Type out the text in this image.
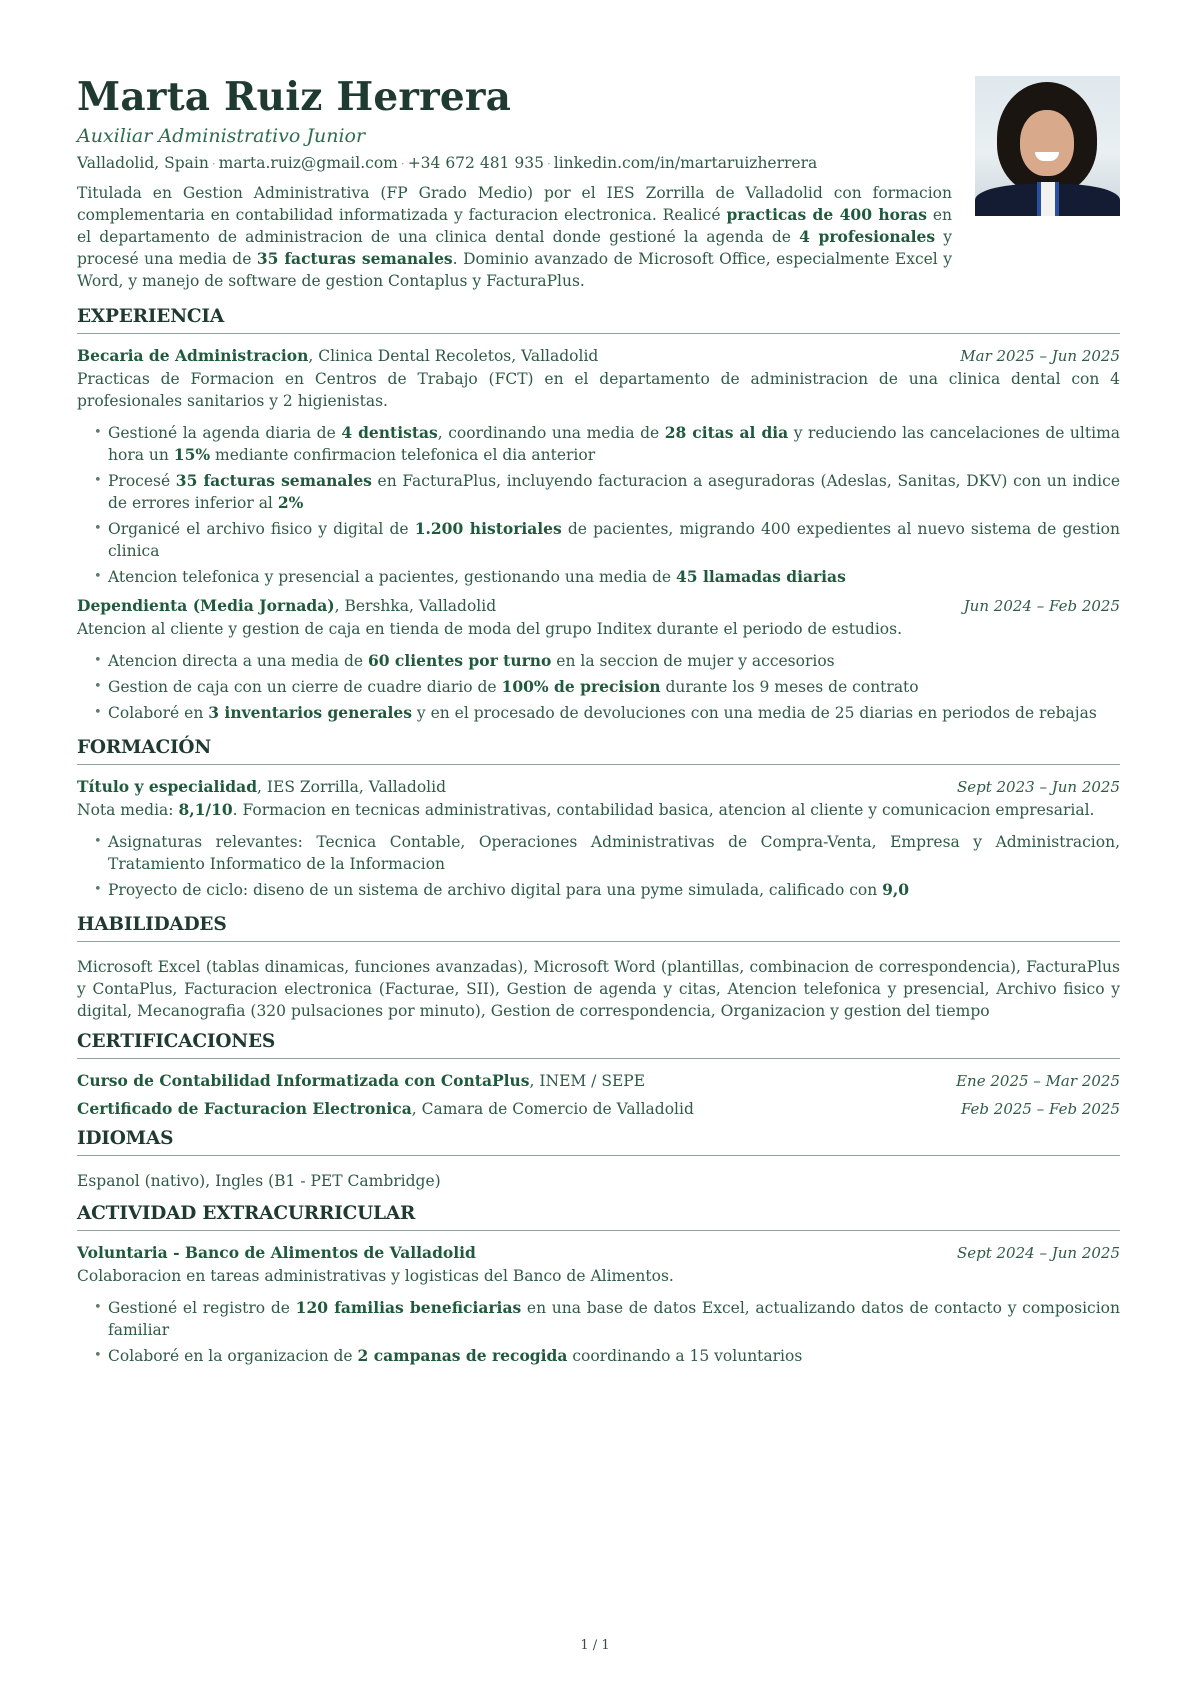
Marta Ruiz Herrera
Auxiliar Administrativo Junior
Valladolid, Spain · marta.ruiz@gmail.com · +34 672 481 935 · linkedin.com/in/martaruizherrera
Titulada en Gestion Administrativa (FP Grado Medio) por el IES Zorrilla de Valladolid con formacion complementaria en contabilidad informatizada y facturacion electronica. Realicé practicas de 400 horas en el departamento de administracion de una clinica dental donde gestioné la agenda de 4 profesionales y procesé una media de 35 facturas semanales. Dominio avanzado de Microsoft Office, especialmente Excel y Word, y manejo de software de gestion Contaplus y FacturaPlus.
EXPERIENCIA
Becaria de Administracion, Clinica Dental Recoletos, Valladolid	Mar 2025 – Jun 2025
Practicas de Formacion en Centros de Trabajo (FCT) en el departamento de administracion de una clinica dental con 4 profesionales sanitarios y 2 higienistas.
• Gestioné la agenda diaria de 4 dentistas, coordinando una media de 28 citas al dia y reduciendo las cancelaciones de ultima hora un 15% mediante confirmacion telefonica el dia anterior
• Procesé 35 facturas semanales en FacturaPlus, incluyendo facturacion a aseguradoras (Adeslas, Sanitas, DKV) con un indice de errores inferior al 2%
• Organicé el archivo fisico y digital de 1.200 historiales de pacientes, migrando 400 expedientes al nuevo sistema de gestion clinica
• Atencion telefonica y presencial a pacientes, gestionando una media de 45 llamadas diarias
Dependienta (Media Jornada), Bershka, Valladolid	Jun 2024 – Feb 2025
Atencion al cliente y gestion de caja en tienda de moda del grupo Inditex durante el periodo de estudios.
• Atencion directa a una media de 60 clientes por turno en la seccion de mujer y accesorios
• Gestion de caja con un cierre de cuadre diario de 100% de precision durante los 9 meses de contrato
• Colaboré en 3 inventarios generales y en el procesado de devoluciones con una media de 25 diarias en periodos de rebajas
FORMACIÓN
Título y especialidad, IES Zorrilla, Valladolid	Sept 2023 – Jun 2025
Nota media: 8,1/10. Formacion en tecnicas administrativas, contabilidad basica, atencion al cliente y comunicacion empresarial.
• Asignaturas relevantes: Tecnica Contable, Operaciones Administrativas de Compra-Venta, Empresa y Administracion, Tratamiento Informatico de la Informacion
• Proyecto de ciclo: diseno de un sistema de archivo digital para una pyme simulada, calificado con 9,0
HABILIDADES
Microsoft Excel (tablas dinamicas, funciones avanzadas), Microsoft Word (plantillas, combinacion de correspondencia), FacturaPlus y ContaPlus, Facturacion electronica (Facturae, SII), Gestion de agenda y citas, Atencion telefonica y presencial, Archivo fisico y digital, Mecanografia (320 pulsaciones por minuto), Gestion de correspondencia, Organizacion y gestion del tiempo
CERTIFICACIONES
Curso de Contabilidad Informatizada con ContaPlus, INEM / SEPE	Ene 2025 – Mar 2025
Certificado de Facturacion Electronica, Camara de Comercio de Valladolid	Feb 2025 – Feb 2025
IDIOMAS
Espanol (nativo), Ingles (B1 - PET Cambridge)
ACTIVIDAD EXTRACURRICULAR
Voluntaria - Banco de Alimentos de Valladolid	Sept 2024 – Jun 2025
Colaboracion en tareas administrativas y logisticas del Banco de Alimentos.
• Gestioné el registro de 120 familias beneficiarias en una base de datos Excel, actualizando datos de contacto y composicion familiar
• Colaboré en la organizacion de 2 campanas de recogida coordinando a 15 voluntarios
1 / 1
